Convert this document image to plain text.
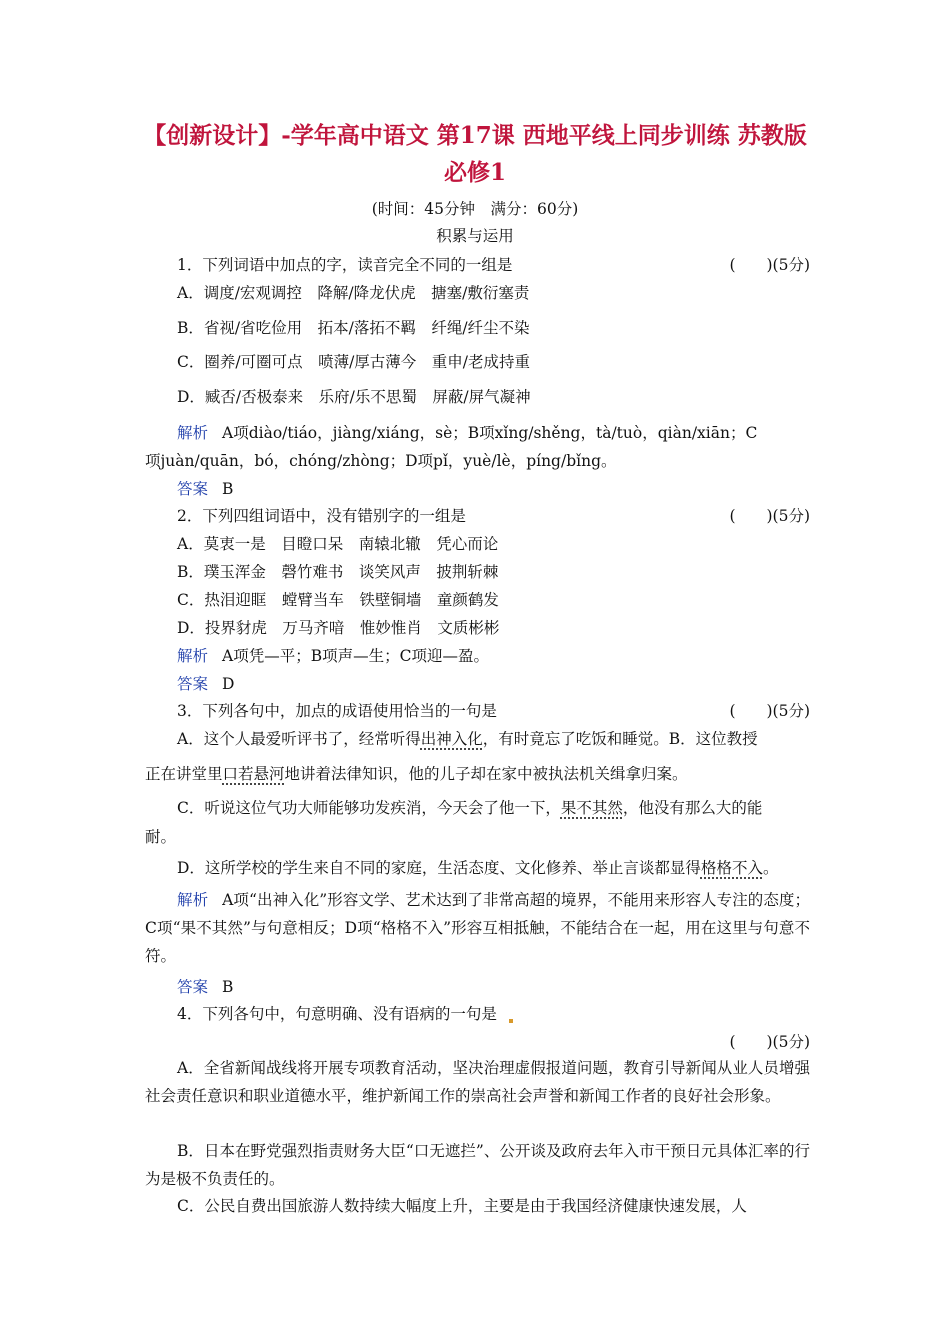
【创新设计】-学年高中语文 第17课 西地平线上同步训练 苏教版
必修1
(时间：45分钟　满分：60分)
积累与运用
1．下列词语中加点的字，读音完全不同的一组是	(　　)(5分)
A．调度/宏观调控　降解/降龙伏虎　搪塞/敷衍塞责
B．省视/省吃俭用　拓本/落拓不羁　纤绳/纤尘不染
C．圈养/可圈可点　喷薄/厚古薄今　重申/老成持重
D．臧否/否极泰来　乐府/乐不思蜀　屏蔽/屏气凝神
解析 A项diào/tiáo，jiàng/xiáng，sè；B项xǐng/shěng，tà/tuò，qiàn/xiān；C
项juàn/quān，bó，chóng/zhòng；D项pǐ，yuè/lè，píng/bǐng。
答案 B
2．下列四组词语中，没有错别字的一组是	(　　)(5分)
A．莫衷一是　目瞪口呆　南辕北辙　凭心而论
B．璞玉浑金　磬竹难书　谈笑风声　披荆斩棘
C．热泪迎眶　螳臂当车　铁壁铜墙　童颜鹤发
D．投界豺虎　万马齐喑　惟妙惟肖　文质彬彬
解析 A项凭—平；B项声—生；C项迎—盈。
答案 D
3．下列各句中，加点的成语使用恰当的一句是	(　　)(5分)
A．这个人最爱听评书了，经常听得出神入化，有时竟忘了吃饭和睡觉。B．这位教授
正在讲堂里口若悬河地讲着法律知识，他的儿子却在家中被执法机关缉拿归案。
C．听说这位气功大师能够功发疾消，今天会了他一下，果不其然，他没有那么大的能
耐。
D．这所学校的学生来自不同的家庭，生活态度、文化修养、举止言谈都显得格格不入。
解析 A项“出神入化”形容文学、艺术达到了非常高超的境界，不能用来形容人专注的态度；C项“果不其然”与句意相反；D项“格格不入”形容互相抵触，不能结合在一起，用在这里与句意不符。
答案 B
4．下列各句中，句意明确、没有语病的一句是
(　　)(5分)
A．全省新闻战线将开展专项教育活动，坚决治理虚假报道问题，教育引导新闻从业人员增强社会责任意识和职业道德水平，维护新闻工作的崇高社会声誉和新闻工作者的良好社会形象。
B．日本在野党强烈指责财务大臣“口无遮拦”、公开谈及政府去年入市干预日元具体汇率的行为是极不负责任的。
C．公民自费出国旅游人数持续大幅度上升，主要是由于我国经济健康快速发展，人
